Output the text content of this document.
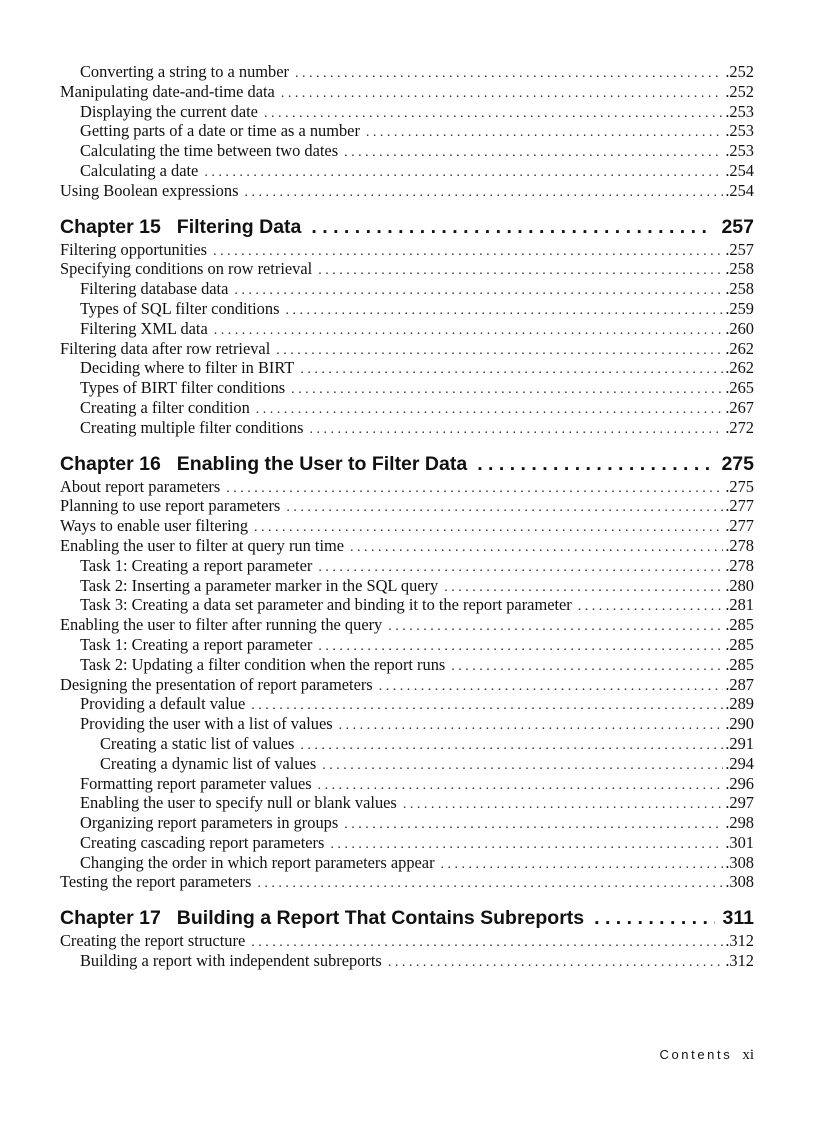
Converting a string to a number . . .	.252
Manipulating date-and-time data . . .	.252
Displaying the current date . . .	.253
Getting parts of a date or time as a number . . .	.253
Calculating the time between two dates . . .	.253
Calculating a date . . .	.254
Using Boolean expressions . . .	.254
Chapter 15 Filtering Data . . .	257
Filtering opportunities . . .	.257
Specifying conditions on row retrieval . . .	.258
Filtering database data . . .	.258
Types of SQL filter conditions . . .	.259
Filtering XML data . . .	.260
Filtering data after row retrieval . . .	.262
Deciding where to filter in BIRT . . .	.262
Types of BIRT filter conditions . . .	.265
Creating a filter condition . . .	.267
Creating multiple filter conditions . . .	.272
Chapter 16 Enabling the User to Filter Data . . .	275
About report parameters . . .	.275
Planning to use report parameters . . .	.277
Ways to enable user filtering . . .	.277
Enabling the user to filter at query run time . . .	.278
Task 1: Creating a report parameter . . .	.278
Task 2: Inserting a parameter marker in the SQL query . . .	.280
Task 3: Creating a data set parameter and binding it to the report parameter . . .	.281
Enabling the user to filter after running the query . . .	.285
Task 1: Creating a report parameter . . .	.285
Task 2: Updating a filter condition when the report runs . . .	.285
Designing the presentation of report parameters . . .	.287
Providing a default value . . .	.289
Providing the user with a list of values . . .	.290
Creating a static list of values . . .	.291
Creating a dynamic list of values . . .	.294
Formatting report parameter values . . .	.296
Enabling the user to specify null or blank values . . .	.297
Organizing report parameters in groups . . .	.298
Creating cascading report parameters . . .	.301
Changing the order in which report parameters appear . . .	.308
Testing the report parameters . . .	.308
Chapter 17 Building a Report That Contains Subreports . . .	311
Creating the report structure . . .	.312
Building a report with independent subreports . . .	.312
Contents xi
